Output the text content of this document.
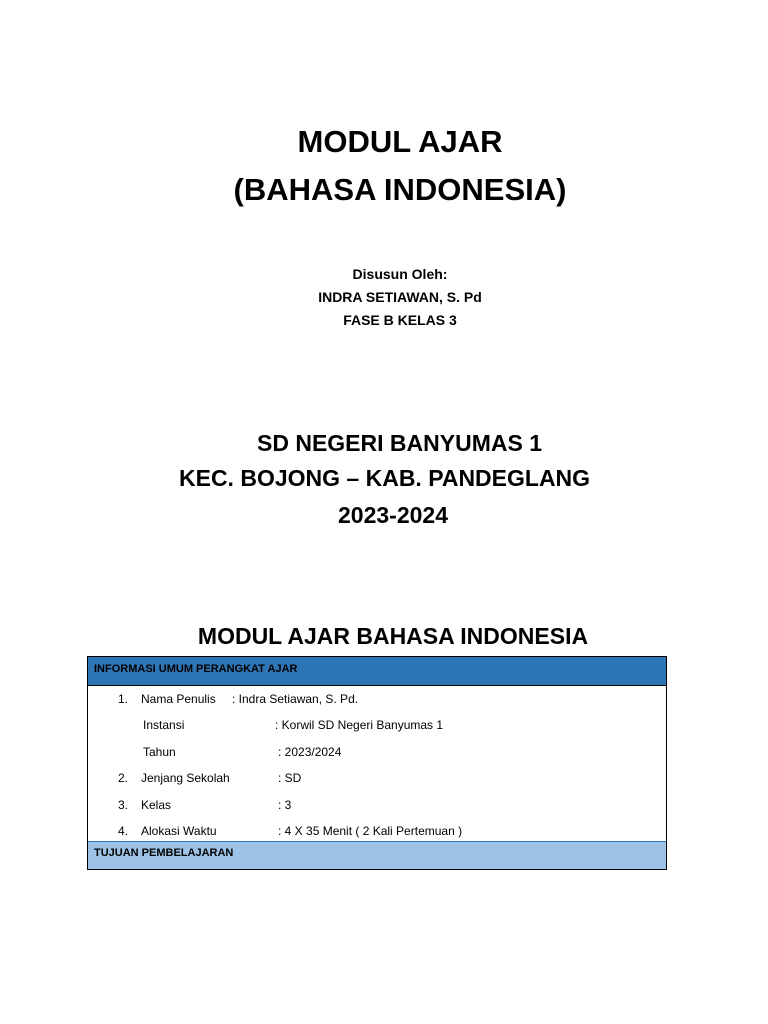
MODUL AJAR
(BAHASA INDONESIA)
Disusun Oleh:
INDRA SETIAWAN, S. Pd
FASE B KELAS 3
SD NEGERI BANYUMAS 1
KEC. BOJONG – KAB. PANDEGLANG
2023-2024
MODUL AJAR BAHASA INDONESIA
INFORMASI UMUM PERANGKAT AJAR
1. Nama Penulis : Indra Setiawan, S. Pd.
Instansi	: Korwil SD Negeri Banyumas 1
Tahun	: 2023/2024
2. Jenjang Sekolah	: SD
3. Kelas	: 3
4. Alokasi Waktu	: 4 X 35 Menit ( 2 Kali Pertemuan )
TUJUAN PEMBELAJARAN
